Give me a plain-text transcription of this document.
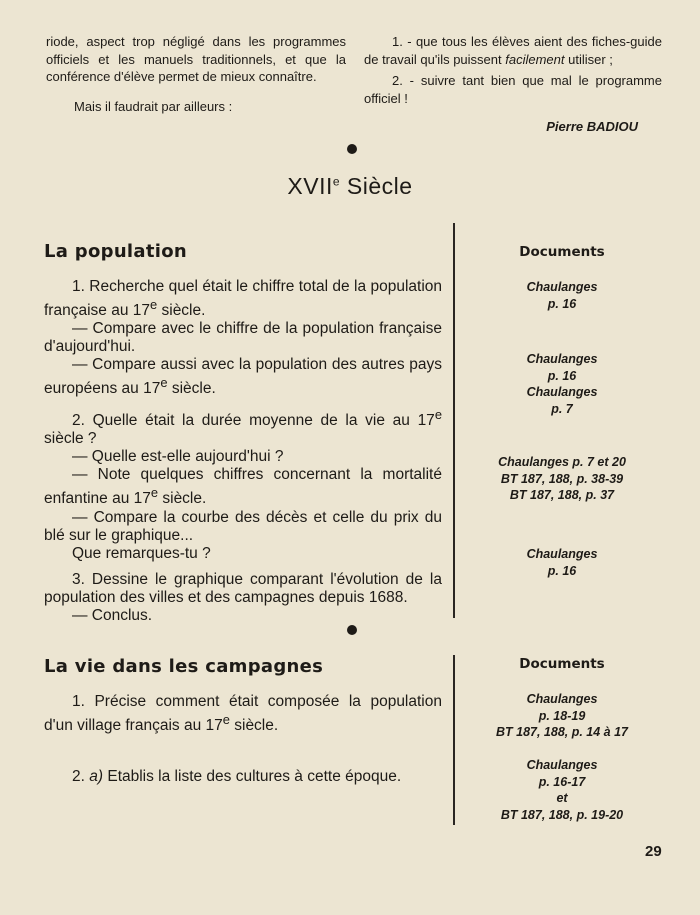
riode, aspect trop négligé dans les programmes officiels et les manuels traditionnels, et que la conférence d'élève permet de mieux connaître.

Mais il faudrait par ailleurs :

1. - que tous les élèves aient des fiches-guide de travail qu'ils puissent facilement utiliser ;

2. - suivre tant bien que mal le programme officiel !

Pierre BADIOU
XVIIe Siècle
La population	Documents

1. Recherche quel était le chiffre total de la population française au 17e siècle.

— Compare avec le chiffre de la population française d'aujourd'hui.

— Compare aussi avec la population des autres pays européens au 17e siècle.

2. Quelle était la durée moyenne de la vie au 17e siècle ?

— Quelle est-elle aujourd'hui ?

— Note quelques chiffres concernant la mortalité enfantine au 17e siècle.

— Compare la courbe des décès et celle du prix du blé sur le graphique...

Que remarques-tu ?

3. Dessine le graphique comparant l'évolution de la population des villes et des campagnes depuis 1688.

— Conclus.

Chaulanges
p. 16
Chaulanges
p. 16
Chaulanges
p. 7
Chaulanges p. 7 et 20
BT 187, 188, p. 38-39
BT 187, 188, p. 37
Chaulanges
p. 16
La vie dans les campagnes	Documents

1. Précise comment était composée la population d'un village français au 17e siècle.

2. a) Etablis la liste des cultures à cette époque.

Chaulanges
p. 18-19
BT 187, 188, p. 14 à 17
Chaulanges
p. 16-17
et
BT 187, 188, p. 19-20
29
